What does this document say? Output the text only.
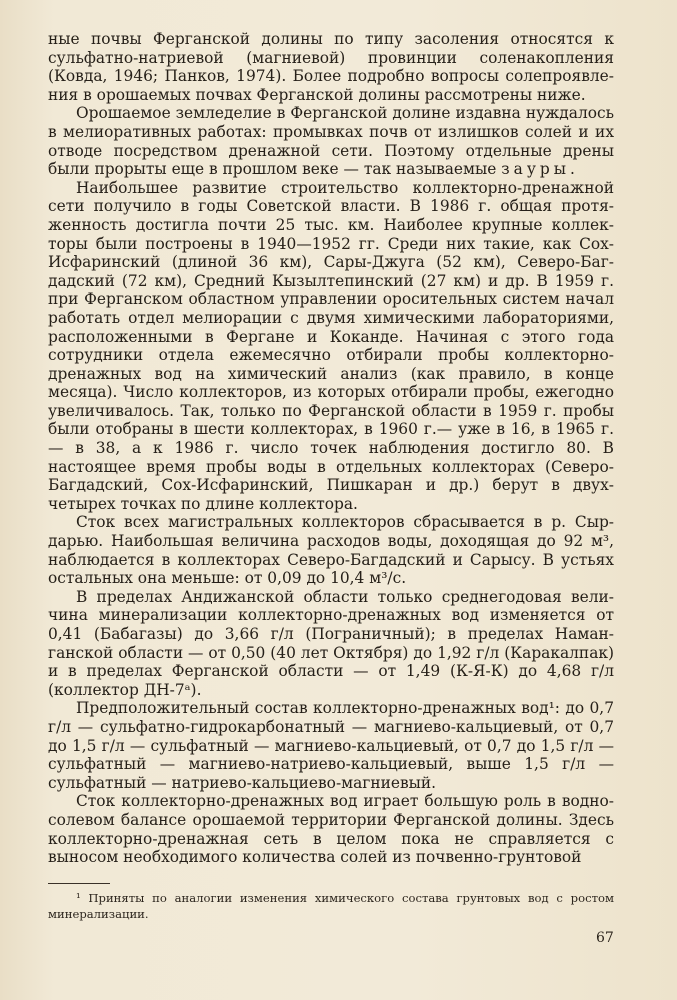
ные почвы Ферганской долины по типу засоления относятся к сульфатно-натриевой (магниевой) провинции соленакопления (Ковда, 1946; Панков, 1974). Более подробно вопросы солепроявления в орошаемых почвах Ферганской долины рассмотрены ниже.

Орошаемое земледелие в Ферганской долине издавна нуждалось в мелиоративных работах: промывках почв от излишков солей и их отводе посредством дренажной сети. Поэтому отдельные дрены были прорыты еще в прошлом веке — так называемые зауры.

Наибольшее развитие строительство коллекторно-дренажной сети получило в годы Советской власти. В 1986 г. общая протяженность достигла почти 25 тыс. км. Наиболее крупные коллекторы были построены в 1940—1952 гг. Среди них такие, как Сох-Исфаринский (длиной 36 км), Сары-Джуга (52 км), Северо-Багдадский (72 км), Средний Кызылтепинский (27 км) и др. В 1959 г. при Ферганском областном управлении оросительных систем начал работать отдел мелиорации с двумя химическими лабораториями, расположенными в Фергане и Коканде. Начиная с этого года сотрудники отдела ежемесячно отбирали пробы коллекторно-дренажных вод на химический анализ (как правило, в конце месяца). Число коллекторов, из которых отбирали пробы, ежегодно увеличивалось. Так, только по Ферганской области в 1959 г. пробы были отобраны в шести коллекторах, в 1960 г.— уже в 16, в 1965 г.— в 38, а к 1986 г. число точек наблюдения достигло 80. В настоящее время пробы воды в отдельных коллекторах (Северо-Багдадский, Сох-Исфаринский, Пишкаран и др.) берут в двух-четырех точках по длине коллектора.

Сток всех магистральных коллекторов сбрасывается в р. Сырдарью. Наибольшая величина расходов воды, доходящая до 92 м³, наблюдается в коллекторах Северо-Багдадский и Сарысу. В устьях остальных она меньше: от 0,09 до 10,4 м³/с.

В пределах Андижанской области только среднегодовая величина минерализации коллекторно-дренажных вод изменяется от 0,41 (Бабагазы) до 3,66 г/л (Пограничный); в пределах Наманганской области — от 0,50 (40 лет Октября) до 1,92 г/л (Каракалпак) и в пределах Ферганской области — от 1,49 (К-Я-К) до 4,68 г/л (коллектор ДН-7ᵃ).

Предположительный состав коллекторно-дренажных вод¹: до 0,7 г/л — сульфатно-гидрокарбонатный — магниево-кальциевый, от 0,7 до 1,5 г/л — сульфатный — магниево-кальциевый, от 0,7 до 1,5 г/л — сульфатный — магниево-натриево-кальциевый, выше 1,5 г/л — сульфатный — натриево-кальциево-магниевый.

Сток коллекторно-дренажных вод играет большую роль в водно-солевом балансе орошаемой территории Ферганской долины. Здесь коллекторно-дренажная сеть в целом пока не справляется с выносом необходимого количества солей из почвенно-грунтовой

¹ Приняты по аналогии изменения химического состава грунтовых вод с ростом минерализации.

67
